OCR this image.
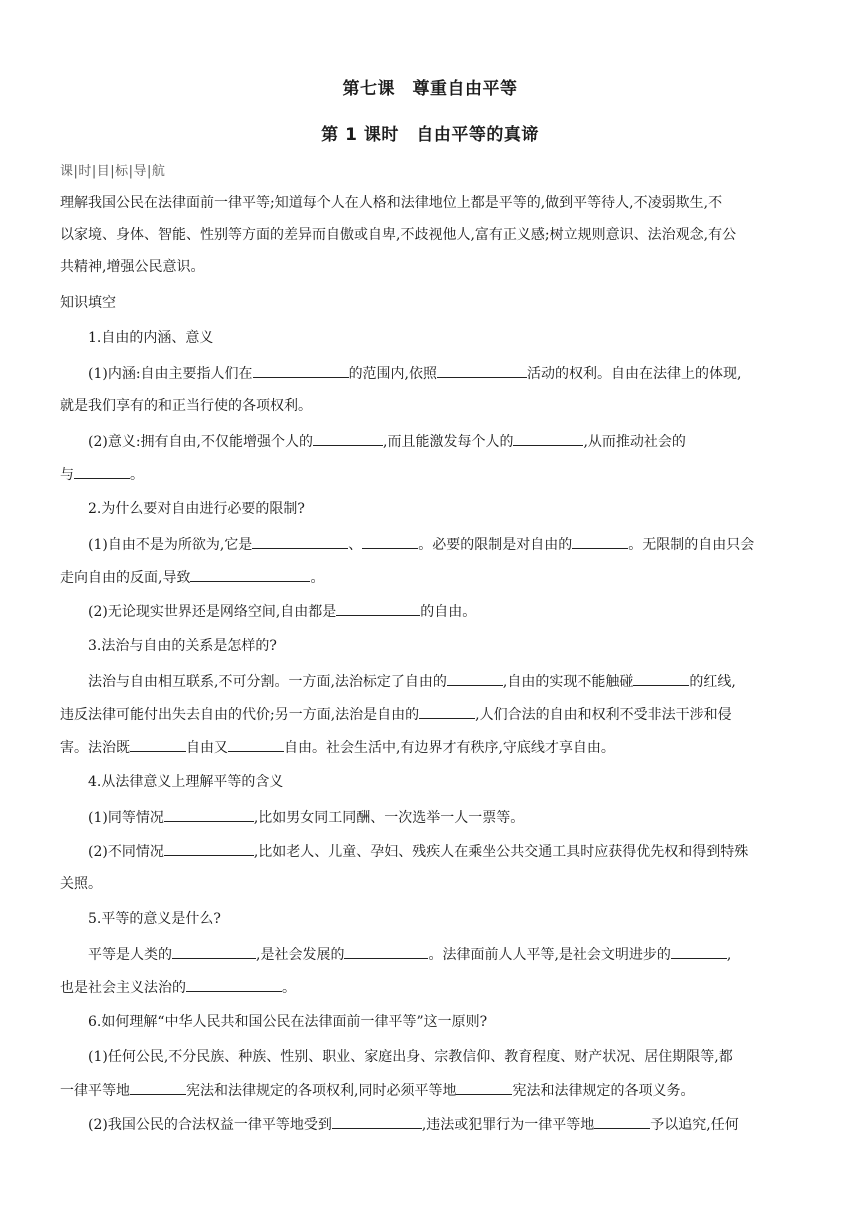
第七课　尊重自由平等
第 1 课时　自由平等的真谛
课|时|目|标|导|航
理解我国公民在法律面前一律平等;知道每个人在人格和法律地位上都是平等的,做到平等待人,不凌弱欺生,不
以家境、身体、智能、性别等方面的差异而自傲或自卑,不歧视他人,富有正义感;树立规则意识、法治观念,有公
共精神,增强公民意识。
知识填空
1.自由的内涵、意义
(1)内涵:自由主要指人们在	的范围内,依照	活动的权利。自由在法律上的体现,
就是我们享有的和正当行使的各项权利。
(2)意义:拥有自由,不仅能增强个人的	,而且能激发每个人的	,从而推动社会的
与	。
2.为什么要对自由进行必要的限制?
(1)自由不是为所欲为,它是	、	。必要的限制是对自由的	。无限制的自由只会
走向自由的反面,导致	。
(2)无论现实世界还是网络空间,自由都是	的自由。
3.法治与自由的关系是怎样的?
法治与自由相互联系,不可分割。一方面,法治标定了自由的	,自由的实现不能触碰	的红线,
违反法律可能付出失去自由的代价;另一方面,法治是自由的	,人们合法的自由和权利不受非法干涉和侵
害。法治既	自由又	自由。社会生活中,有边界才有秩序,守底线才享自由。
4.从法律意义上理解平等的含义
(1)同等情况	,比如男女同工同酬、一次选举一人一票等。
(2)不同情况	,比如老人、儿童、孕妇、残疾人在乘坐公共交通工具时应获得优先权和得到特殊
关照。
5.平等的意义是什么?
平等是人类的	,是社会发展的	。法律面前人人平等,是社会文明进步的	,
也是社会主义法治的	。
6.如何理解“中华人民共和国公民在法律面前一律平等”这一原则?
(1)任何公民,不分民族、种族、性别、职业、家庭出身、宗教信仰、教育程度、财产状况、居住期限等,都
一律平等地	宪法和法律规定的各项权利,同时必须平等地	宪法和法律规定的各项义务。
(2)我国公民的合法权益一律平等地受到	,违法或犯罪行为一律平等地	予以追究,任何
